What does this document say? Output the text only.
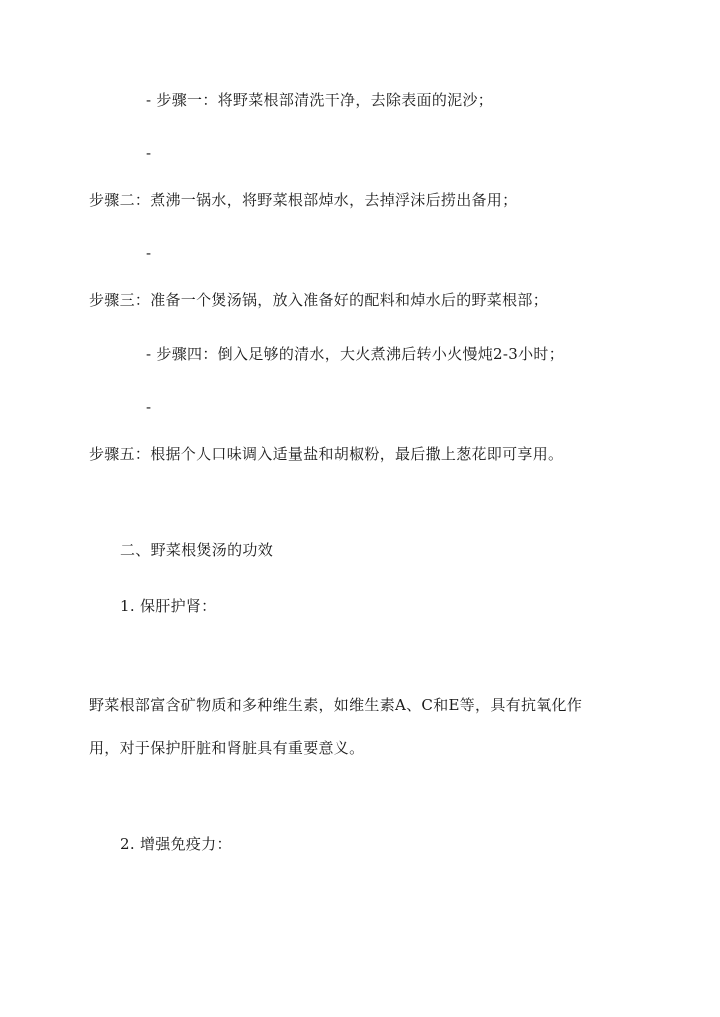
- 步骤一：将野菜根部清洗干净，去除表面的泥沙；
-
步骤二：煮沸一锅水，将野菜根部焯水，去掉浮沫后捞出备用；
-
步骤三：准备一个煲汤锅，放入准备好的配料和焯水后的野菜根部；
- 步骤四：倒入足够的清水，大火煮沸后转小火慢炖2-3小时；
-
步骤五：根据个人口味调入适量盐和胡椒粉，最后撒上葱花即可享用。
二、野菜根煲汤的功效
1. 保肝护肾：
野菜根部富含矿物质和多种维生素，如维生素A、C和E等，具有抗氧化作
用，对于保护肝脏和肾脏具有重要意义。
2. 增强免疫力：
